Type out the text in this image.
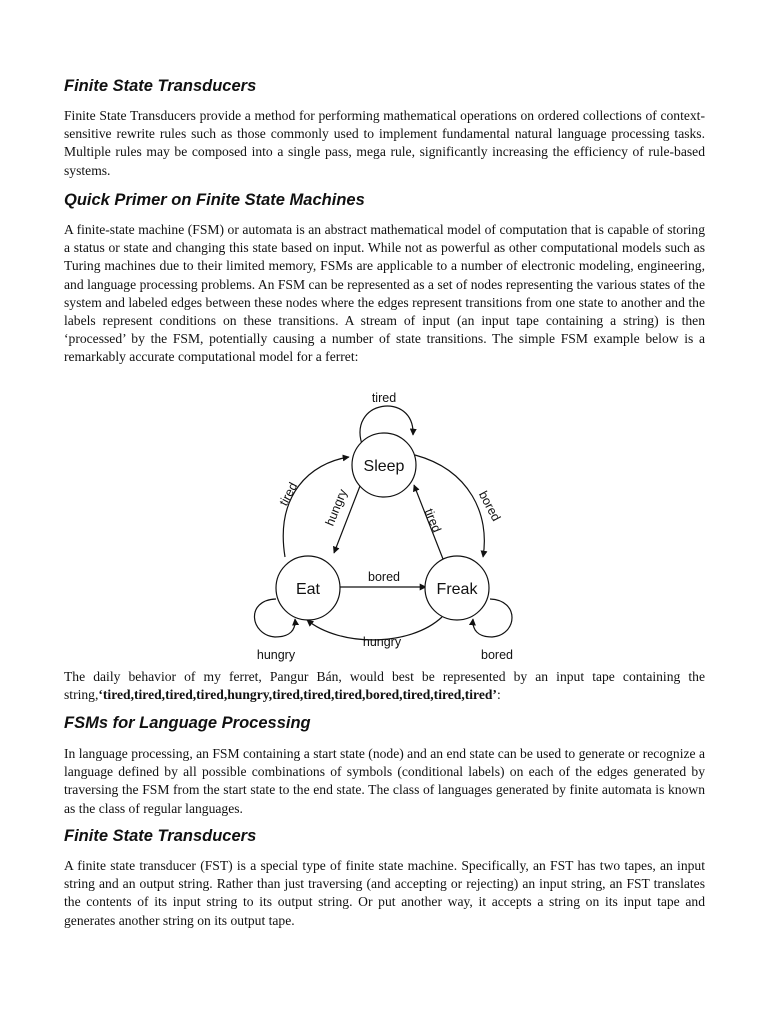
Finite State Transducers

Finite State Transducers provide a method for performing mathematical operations on ordered collections of context-sensitive rewrite rules such as those commonly used to implement fundamental natural language processing tasks. Multiple rules may be composed into a single pass, mega rule, significantly increasing the efficiency of rule-based systems.

Quick Primer on Finite State Machines

A finite-state machine (FSM) or automata is an abstract mathematical model of computation that is capable of storing a status or state and changing this state based on input. While not as powerful as other computational models such as Turing machines due to their limited memory, FSMs are applicable to a number of electronic modeling, engineering, and language processing problems. An FSM can be represented as a set of nodes representing the various states of the system and labeled edges between these nodes where the edges represent transitions from one state to another and the labels represent conditions on these transitions. A stream of input (an input tape containing a string) is then ‘processed’ by the FSM, potentially causing a number of state transitions. The simple FSM example below is a remarkably accurate computational model for a ferret:

Sleep
Eat	Freak
tired
tired hungry	tired	bored
bored
hungry
hungry	bored

The daily behavior of my ferret, Pangur Bán, would best be represented by an input tape containing the string,‘tired,tired,tired,tired,hungry,tired,tired,tired,bored,tired,tired,tired’:

FSMs for Language Processing

In language processing, an FSM containing a start state (node) and an end state can be used to generate or recognize a language defined by all possible combinations of symbols (conditional labels) on each of the edges generated by traversing the FSM from the start state to the end state. The class of languages generated by finite automata is known as the class of regular languages.

Finite State Transducers

A finite state transducer (FST) is a special type of finite state machine. Specifically, an FST has two tapes, an input string and an output string. Rather than just traversing (and accepting or rejecting) an input string, an FST translates the contents of its input string to its output string. Or put another way, it accepts a string on its input tape and generates another string on its output tape.
